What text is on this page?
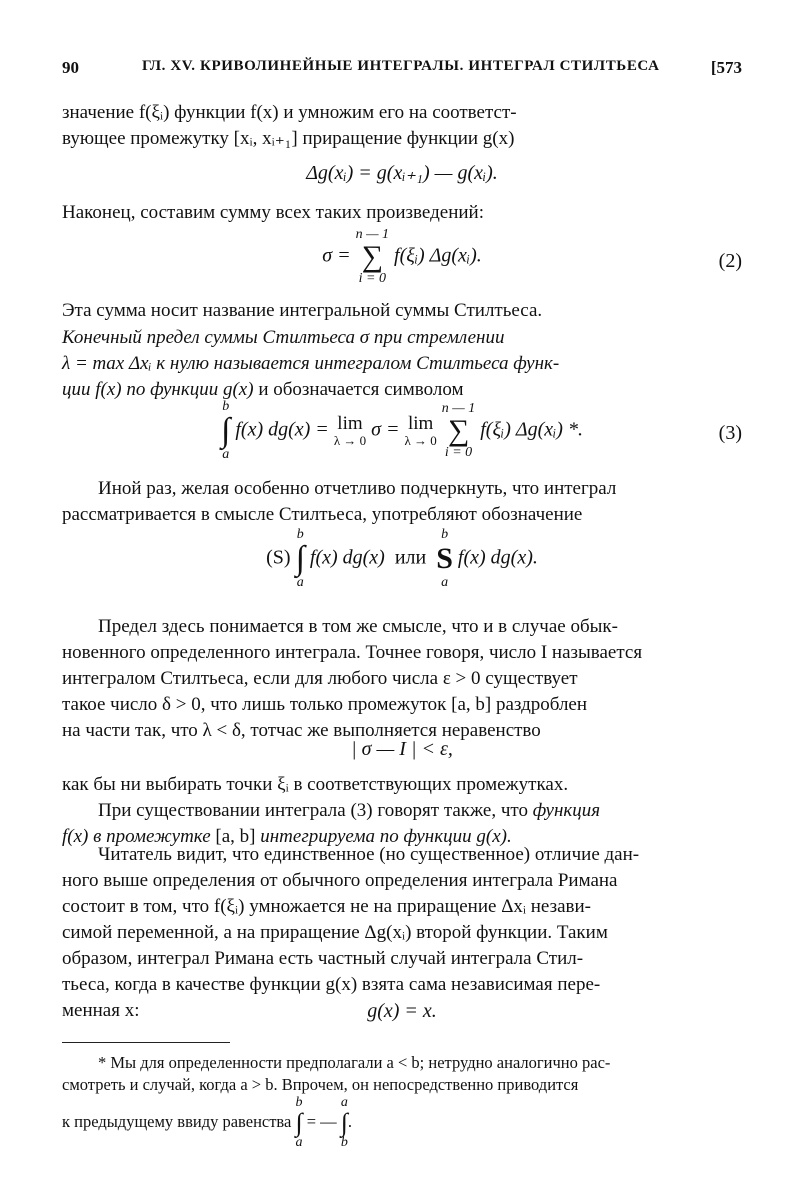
90	ГЛ. XV. КРИВОЛИНЕЙНЫЕ ИНТЕГРАЛЫ. ИНТЕГРАЛ СТИЛТЬЕСА	[573

значение f(ξᵢ) функции f(x) и умножим его на соответст-
вующее промежутку [xᵢ, xᵢ₊₁] приращение функции g(x)

Δg(xᵢ) = g(xᵢ₊₁) — g(xᵢ).

Наконец, составим сумму всех таких произведений:

σ =
n — 1
∑
i = 0
f(ξᵢ) Δg(xᵢ).	(2)

Эта сумма носит название интегральной суммы Стилтьеса.

Конечный предел суммы Стилтьеса σ при стремлении
λ = max Δxᵢ к нулю называется интегралом Стилтьеса функ-
ции f(x) по функции g(x) и обозначается символом

b
∫
a
f(x) dg(x) = lim
λ → 0 σ = lim
λ → 0

n — 1
∑
i = 0
f(ξᵢ) Δg(xᵢ) *.	(3)

Иной раз, желая особенно отчетливо подчеркнуть, что интеграл
рассматривается в смысле Стилтьеса, употребляют обозначение

(S)
b
∫
a
f(x) dg(x) или
b
S
a
f(x) dg(x).

Предел здесь понимается в том же смысле, что и в случае обык-
новенного определенного интеграла. Точнее говоря, число I называется
интегралом Стилтьеса, если для любого числа ε > 0 существует
такое число δ > 0, что лишь только промежуток [a, b] раздроблен
на части так, что λ < δ, тотчас же выполняется неравенство

| σ — I | < ε,

как бы ни выбирать точки ξᵢ в соответствующих промежутках.

При существовании интеграла (3) говорят также, что функция
f(x) в промежутке [a, b] интегрируема по функции g(x).

Читатель видит, что единственное (но существенное) отличие дан-
ного выше определения от обычного определения интеграла Римана
состоит в том, что f(ξᵢ) умножается не на приращение Δxᵢ незави-
симой переменной, а на приращение Δg(xᵢ) второй функции. Таким
образом, интеграл Римана есть частный случай интеграла Стил-
тьеса, когда в качестве функции g(x) взята сама независимая пере-
менная x:	g(x) = x.

* Мы для определенности предполагали a < b; нетрудно аналогично рас-
смотреть и случай, когда a > b. Впрочем, он непосредственно приводится

к предыдущему ввиду равенства
b
∫
a
= —
a
∫
b
.
